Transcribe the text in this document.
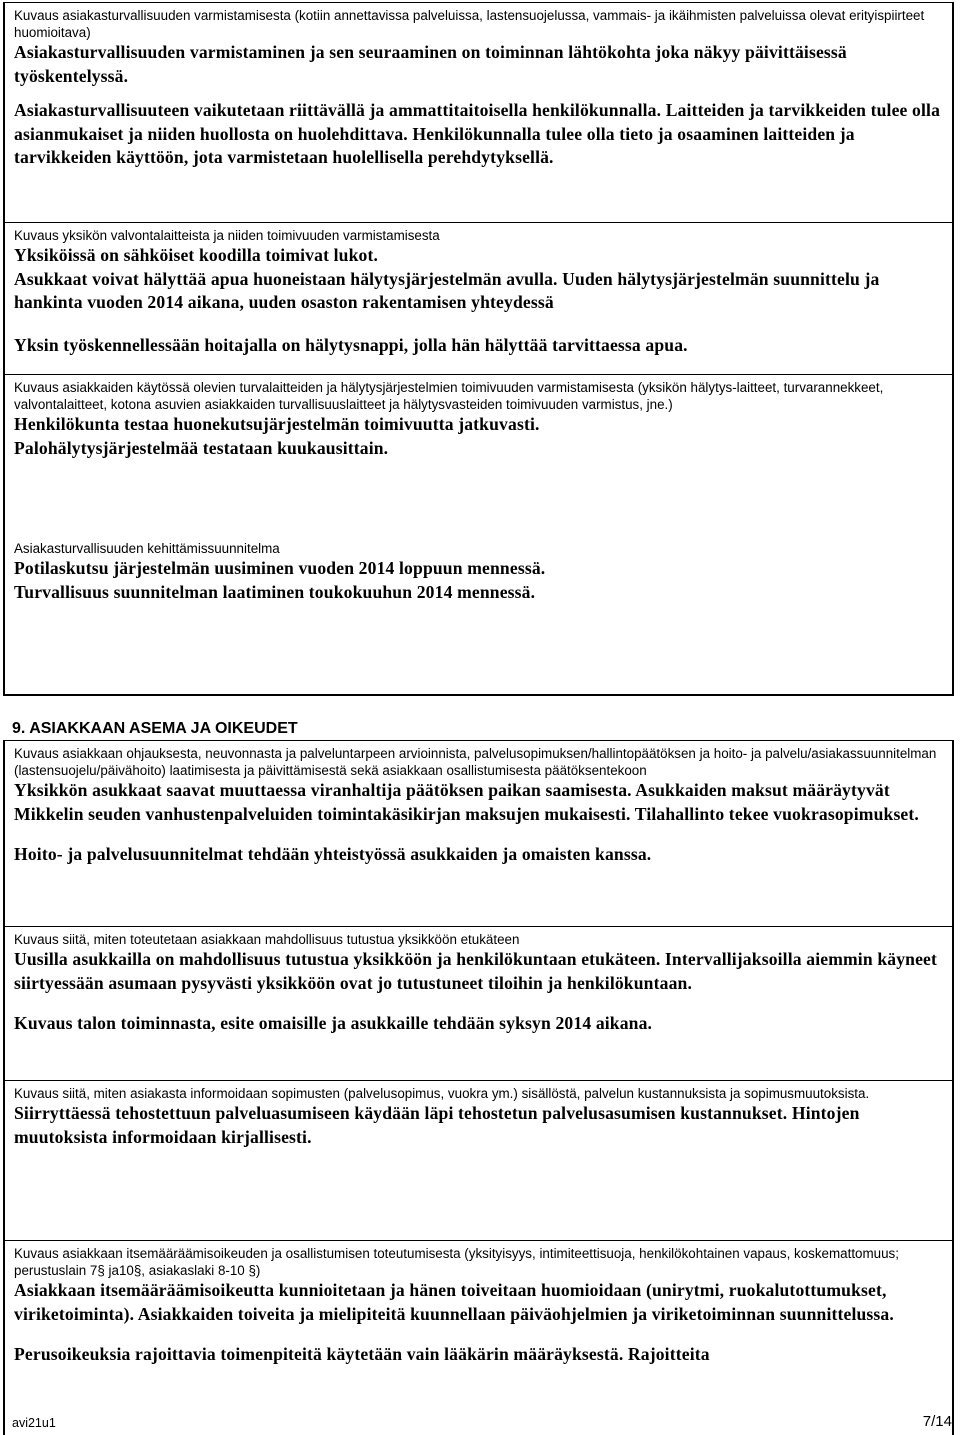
Kuvaus asiakasturvallisuuden varmistamisesta (kotiin annettavissa palveluissa, lastensuojelussa, vammais- ja ikäihmisten palveluissa olevat erityispiirteet huomioitava)

Asiakasturvallisuuden varmistaminen ja sen seuraaminen on toiminnan lähtökohta joka näkyy päivittäisessä työskentelyssä.

Asiakasturvallisuuteen vaikutetaan riittävällä ja ammattitaitoisella henkilökunnalla. Laitteiden ja tarvikkeiden tulee olla asianmukaiset ja niiden huollosta on huolehdittava. Henkilökunnalla tulee olla tieto ja osaaminen laitteiden ja tarvikkeiden käyttöön, jota varmistetaan huolellisella perehdytyksellä.

Kuvaus yksikön valvontalaitteista ja niiden toimivuuden varmistamisesta

Yksiköissä on sähköiset koodilla toimivat lukot.

Asukkaat voivat hälyttää apua huoneistaan hälytysjärjestelmän avulla. Uuden hälytysjärjestelmän suunnittelu ja hankinta vuoden 2014 aikana, uuden osaston rakentamisen yhteydessä

Yksin työskennellessään hoitajalla on hälytysnappi, jolla hän hälyttää tarvittaessa apua.

Kuvaus asiakkaiden käytössä olevien turvalaitteiden ja hälytysjärjestelmien toimivuuden varmistamisesta (yksikön hälytys-laitteet, turvarannekkeet, valvontalaitteet, kotona asuvien asiakkaiden turvallisuuslaitteet ja hälytysvasteiden toimivuuden varmistus, jne.)

Henkilökunta testaa huonekutsujärjestelmän toimivuutta jatkuvasti.

Palohälytysjärjestelmää testataan kuukausittain.

Asiakasturvallisuuden kehittämissuunnitelma

Potilaskutsu järjestelmän uusiminen vuoden 2014 loppuun mennessä.

Turvallisuus suunnitelman laatiminen toukokuuhun 2014 mennessä.

9. ASIAKKAAN ASEMA JA OIKEUDET

Kuvaus asiakkaan ohjauksesta, neuvonnasta ja palveluntarpeen arvioinnista, palvelusopimuksen/hallintopäätöksen ja hoito- ja palvelu/asiakassuunnitelman (lastensuojelu/päivähoito) laatimisesta ja päivittämisestä sekä asiakkaan osallistumisesta päätöksentekoon

Yksikkön asukkaat saavat muuttaessa viranhaltija päätöksen paikan saamisesta. Asukkaiden maksut määräytyvät Mikkelin seuden vanhustenpalveluiden toimintakäsikirjan maksujen mukaisesti. Tilahallinto tekee vuokrasopimukset.

Hoito- ja palvelusuunnitelmat tehdään yhteistyössä asukkaiden ja omaisten kanssa.

Kuvaus siitä, miten toteutetaan asiakkaan mahdollisuus tutustua yksikköön etukäteen

Uusilla asukkailla on mahdollisuus tutustua yksikköön ja henkilökuntaan etukäteen. Intervallijaksoilla aiemmin käyneet siirtyessään asumaan pysyvästi yksikköön ovat jo tutustuneet tiloihin ja henkilökuntaan.

Kuvaus talon toiminnasta, esite omaisille ja asukkaille tehdään syksyn 2014 aikana.

Kuvaus siitä, miten asiakasta informoidaan sopimusten (palvelusopimus, vuokra ym.) sisällöstä, palvelun kustannuksista ja sopimusmuutoksista.

Siirryttäessä tehostettuun palveluasumiseen käydään läpi tehostetun palvelusasumisen kustannukset. Hintojen muutoksista informoidaan kirjallisesti.

Kuvaus asiakkaan itsemääräämisoikeuden ja osallistumisen toteutumisesta (yksityisyys, intimiteettisuoja, henkilökohtainen vapaus, koskemattomuus; perustuslain 7§ ja10§, asiakaslaki 8-10 §)

Asiakkaan itsemääräämisoikeutta kunnioitetaan ja hänen toiveitaan huomioidaan (unirytmi, ruokalutottumukset, viriketoiminta). Asiakkaiden toiveita ja mielipiteitä kuunnellaan päiväohjelmien ja viriketoiminnan suunnittelussa.

Perusoikeuksia rajoittavia toimenpiteitä käytetään vain lääkärin määräyksestä. Rajoitteita

avi21u1	7/14
